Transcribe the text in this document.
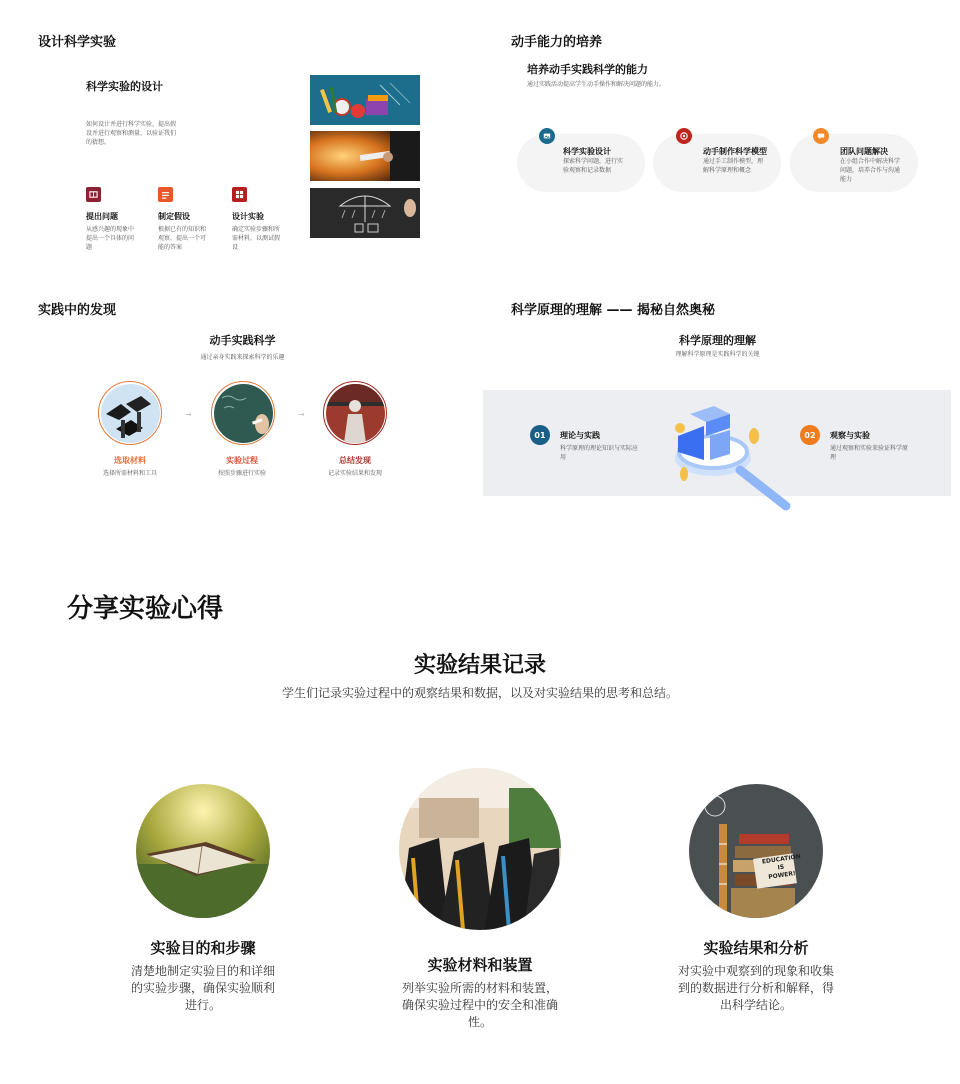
设计科学实验
科学实验的设计
如何设计并进行科学实验，提出假设并进行观察和测量，以验证我们的猜想。
提出问题
从感兴趣的现象中提出一个具体的问题
制定假设
根据已有的知识和观察，提出一个可能的答案
设计实验
确定实验步骤和所需材料，以测试假设
动手能力的培养
培养动手实践科学的能力
通过实践活动提高学生动手操作和解决问题的能力。
科学实验设计
探索科学问题，进行实验观察和记录数据
动手制作科学模型
通过手工制作模型，理解科学原理和概念
团队问题解决
在小组合作中解决科学问题，培养合作与沟通能力
实践中的发现
动手实践科学
通过亲身实践来探索科学的乐趣
→	→
选取材料
选择所需材料和工具
实验过程
按照步骤进行实验
总结发现
记录实验结果和发现
科学原理的理解 —— 揭秘自然奥秘
科学原理的理解
理解科学原理是实践科学的关键
01	理论与实践
科学原理的理论知识与实际应用
02	观察与实验
通过观察和实验来验证科学原理
分享实验心得
实验结果记录
学生们记录实验过程中的观察结果和数据，以及对实验结果的思考和总结。
实验目的和步骤
清楚地制定实验目的和详细的实验步骤，确保实验顺利进行。
实验材料和装置
列举实验所需的材料和装置，确保实验过程中的安全和准确性。
EDUCATION IS POWER!
实验结果和分析
对实验中观察到的现象和收集到的数据进行分析和解释，得出科学结论。
